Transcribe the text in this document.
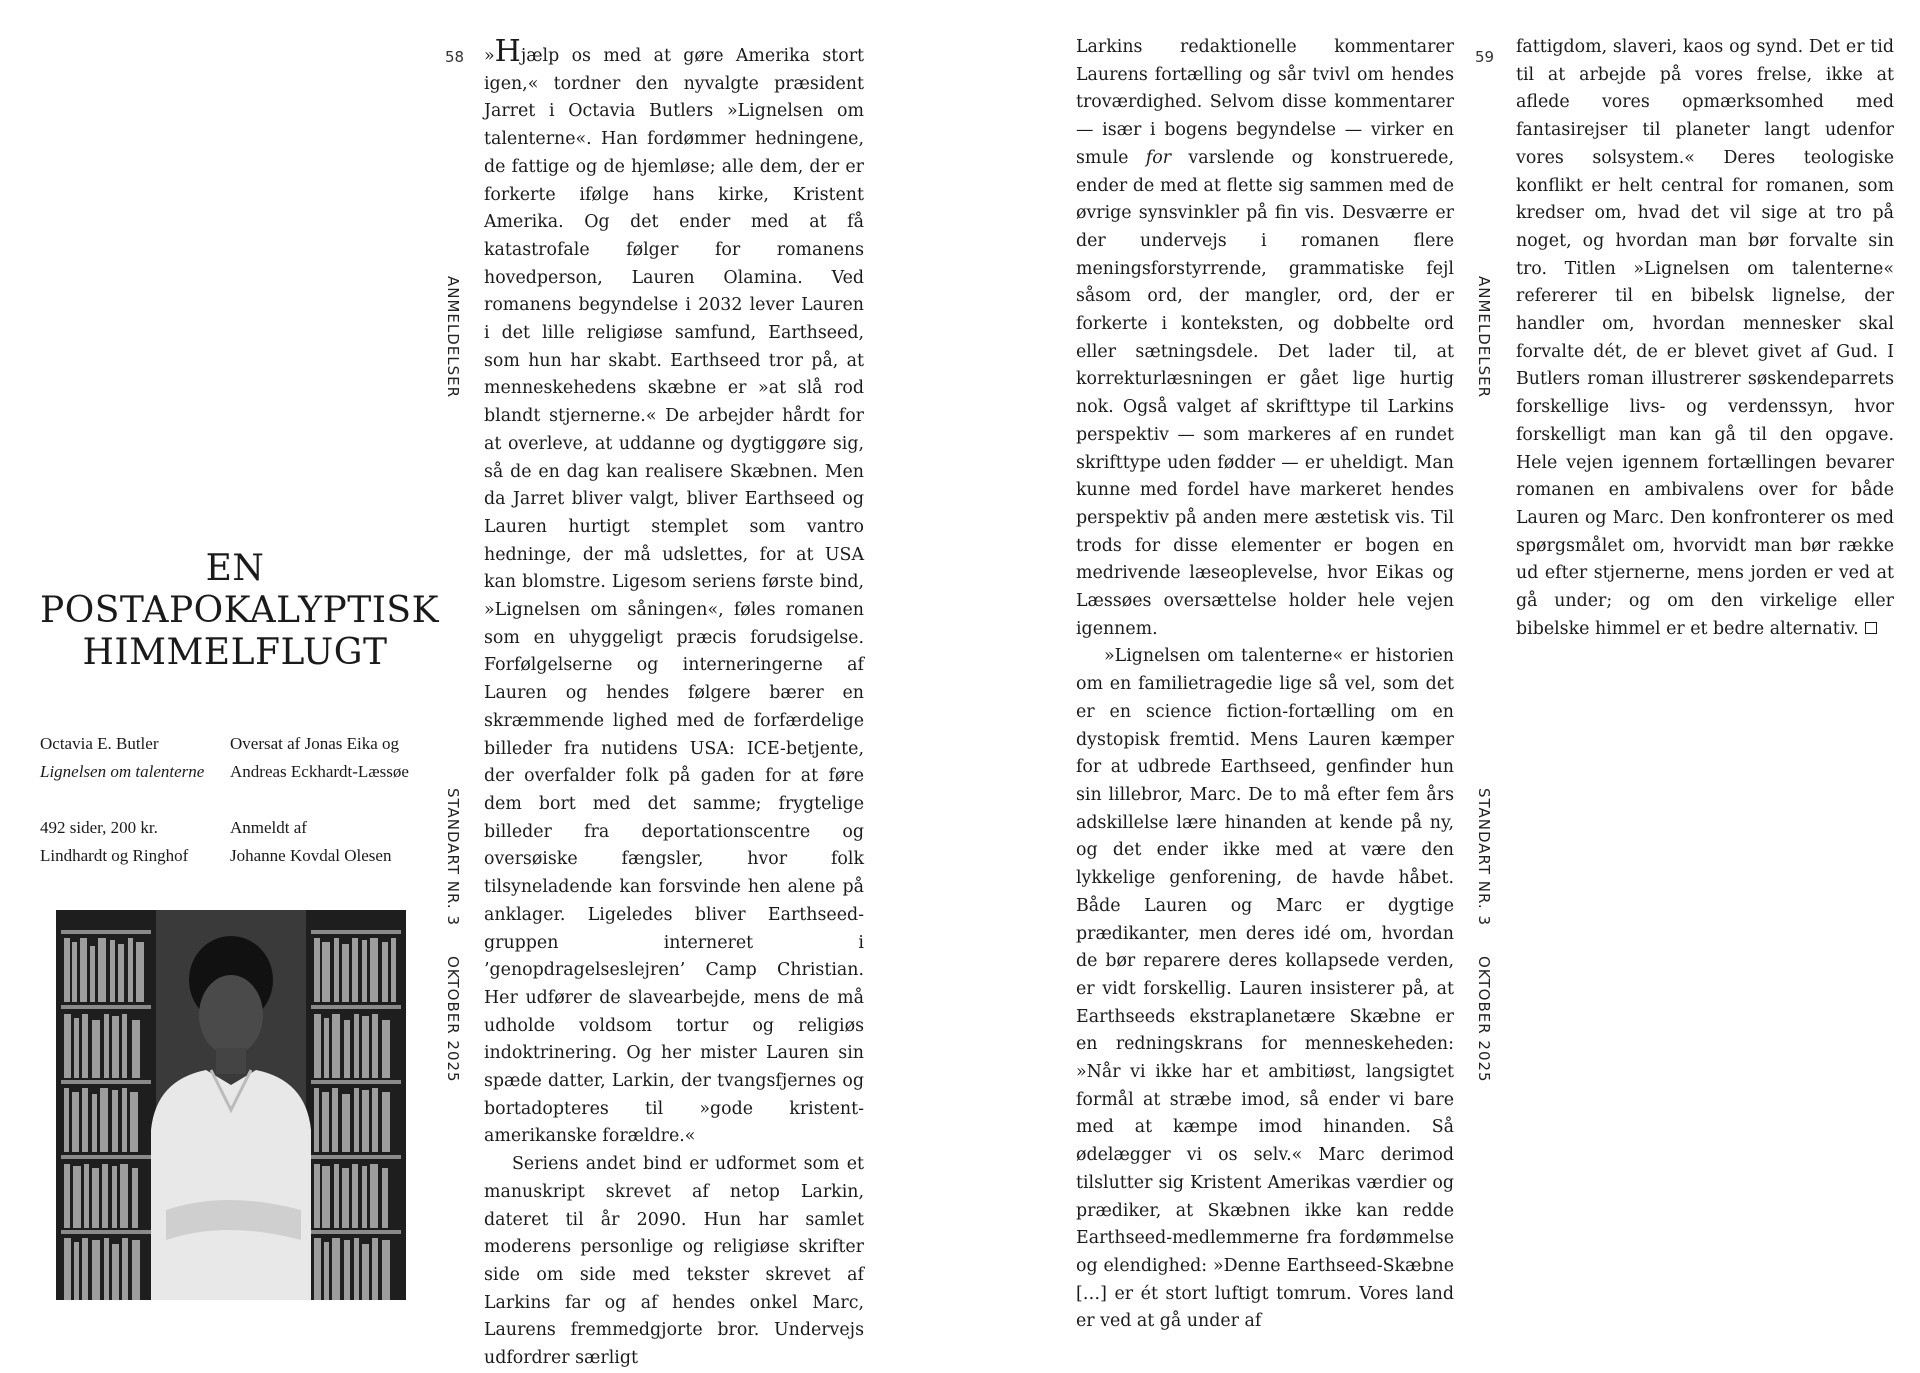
EN
POSTAPOKALYPTISK
HIMMELFLUGT
Octavia E. Butler
Lignelsen om talenterne
492 sider, 200 kr.
Lindhardt og Ringhof
Oversat af Jonas Eika og
Andreas Eckhardt-Læssøe
Anmeldt af
Johanne Kovdal Olesen
58
ANMELDELSER
STANDART NR. 3
OKTOBER 2025

»Hjælp os med at gøre Amerika stort igen,« tordner den nyvalgte præsident Jarret i Octavia Butlers »Lignelsen om talenterne«. Han fordømmer hedningene, de fattige og de hjemløse; alle dem, der er forkerte ifølge hans kirke, Kristent Amerika. Og det ender med at få katastrofale følger for romanens hovedperson, Lauren Olamina. Ved romanens begyndelse i 2032 lever Lauren i det lille religiøse samfund, Earthseed, som hun har skabt. Earthseed tror på, at menneskehedens skæbne er »at slå rod blandt stjernerne.« De arbejder hårdt for at overleve, at uddanne og dygtiggøre sig, så de en dag kan realisere Skæbnen. Men da Jarret bliver valgt, bliver Earthseed og Lauren hurtigt stemplet som vantro hedninge, der må udslettes, for at USA kan blomstre. Ligesom seriens første bind, »Lignelsen om såningen«, føles romanen som en uhyggeligt præcis forudsigelse. Forfølgelserne og interneringerne af Lauren og hendes følgere bærer en skræmmende lighed med de forfærdelige billeder fra nutidens USA: ICE-betjente, der overfalder folk på gaden for at føre dem bort med det samme; frygtelige billeder fra deportationscentre og oversøiske fængsler, hvor folk tilsyneladende kan forsvinde hen alene på anklager. Ligeledes bliver Earthseed-gruppen interneret i ’genopdragelseslejren’ Camp Christian. Her udfører de slavearbejde, mens de må udholde voldsom tortur og religiøs indoktrinering. Og her mister Lauren sin spæde datter, Larkin, der tvangsfjernes og bortadopteres til »gode kristent-amerikanske forældre.«

Seriens andet bind er udformet som et manuskript skrevet af netop Larkin, dateret til år 2090. Hun har samlet moderens personlige og religiøse skrifter side om side med tekster skrevet af Larkins far og af hendes onkel Marc, Laurens fremmedgjorte bror. Undervejs udfordrer særligt

Larkins redaktionelle kommentarer Laurens fortælling og sår tvivl om hendes troværdighed. Selvom disse kommentarer — især i bogens begyndelse — virker en smule for varslende og konstruerede, ender de med at flette sig sammen med de øvrige synsvinkler på fin vis. Desværre er der undervejs i romanen flere meningsforstyrrende, grammatiske fejl såsom ord, der mangler, ord, der er forkerte i konteksten, og dobbelte ord eller sætningsdele. Det lader til, at korrekturlæsningen er gået lige hurtig nok. Også valget af skrifttype til Larkins perspektiv — som markeres af en rundet skrifttype uden fødder — er uheldigt. Man kunne med fordel have markeret hendes perspektiv på anden mere æstetisk vis. Til trods for disse elementer er bogen en medrivende læseoplevelse, hvor Eikas og Læssøes oversættelse holder hele vejen igennem.

»Lignelsen om talenterne« er historien om en familietragedie lige så vel, som det er en science fiction-fortælling om en dystopisk fremtid. Mens Lauren kæmper for at udbrede Earthseed, genfinder hun sin lillebror, Marc. De to må efter fem års adskillelse lære hinanden at kende på ny, og det ender ikke med at være den lykkelige genforening, de havde håbet. Både Lauren og Marc er dygtige prædikanter, men deres idé om, hvordan de bør reparere deres kollapsede verden, er vidt forskellig. Lauren insisterer på, at Earthseeds ekstraplanetære Skæbne er en redningskrans for menneskeheden: »Når vi ikke har et ambitiøst, langsigtet formål at stræbe imod, så ender vi bare med at kæmpe imod hinanden. Så ødelægger vi os selv.« Marc derimod tilslutter sig Kristent Amerikas værdier og prædiker, at Skæbnen ikke kan redde Earthseed-medlemmerne fra fordømmelse og elendighed: »Denne Earthseed-Skæbne […] er ét stort luftigt tomrum. Vores land er ved at gå under af

59
ANMELDELSER
STANDART NR. 3
OKTOBER 2025

fattigdom, slaveri, kaos og synd. Det er tid til at arbejde på vores frelse, ikke at aflede vores opmærksomhed med fantasirejser til planeter langt udenfor vores solsystem.« Deres teologiske konflikt er helt central for romanen, som kredser om, hvad det vil sige at tro på noget, og hvordan man bør forvalte sin tro. Titlen »Lignelsen om talenterne« refererer til en bibelsk lignelse, der handler om, hvordan mennesker skal forvalte dét, de er blevet givet af Gud. I Butlers roman illustrerer søskendeparrets forskellige livs- og verdenssyn, hvor forskelligt man kan gå til den opgave. Hele vejen igennem fortællingen bevarer romanen en ambivalens over for både Lauren og Marc. Den konfronterer os med spørgsmålet om, hvorvidt man bør række ud efter stjernerne, mens jorden er ved at gå under; og om den virkelige eller bibelske himmel er et bedre alternativ.
